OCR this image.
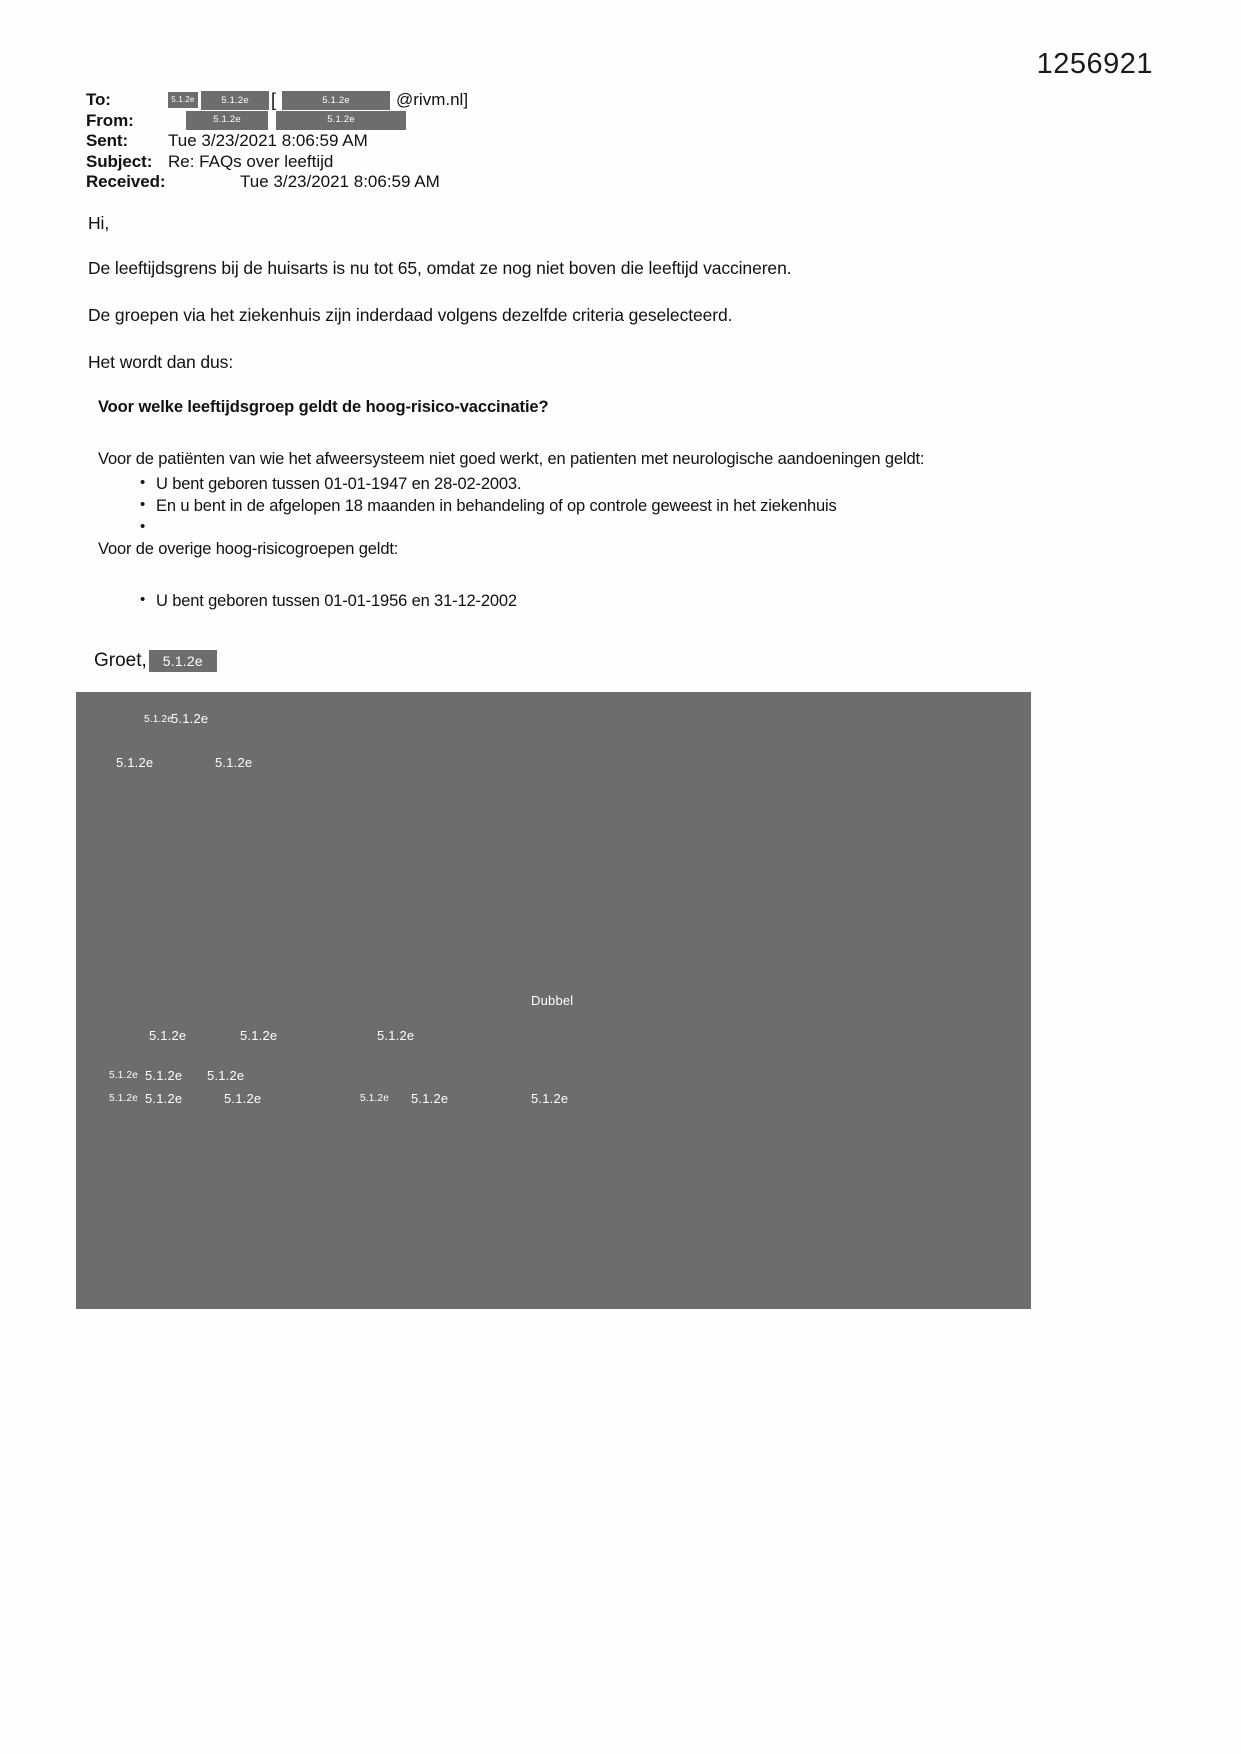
1256921
To:	5.1.2e	5.1.2e	[	5.1.2e	@rivm.nl]
From:	5.1.2e	5.1.2e
Sent:	Tue 3/23/2021 8:06:59 AM
Subject: Re: FAQs over leeftijd
Received:	Tue 3/23/2021 8:06:59 AM

Hi,

De leeftijdsgrens bij de huisarts is nu tot 65, omdat ze nog niet boven die leeftijd vaccineren.

De groepen via het ziekenhuis zijn inderdaad volgens dezelfde criteria geselecteerd.

Het wordt dan dus:

Voor welke leeftijdsgroep geldt de hoog-risico-vaccinatie?
Voor de patiënten van wie het afweersysteem niet goed werkt, en patienten met neurologische aandoeningen geldt:
• U bent geboren tussen 01-01-1947 en 28-02-2003.
• En u bent in de afgelopen 18 maanden in behandeling of op controle geweest in het ziekenhuis
•
Voor de overige hoog-risicogroepen geldt:
• U bent geboren tussen 01-01-1956 en 31-12-2002
Groet,	5.1.2e
5.1.2e
5.1.2e
5.1.2e	5.1.2e
Dubbel
5.1.2e	5.1.2e	5.1.2e
5.1.2e 5.1.2e 5.1.2e
5.1.2e 5.1.2e	5.1.2e	5.1.2e 5.1.2e	5.1.2e
